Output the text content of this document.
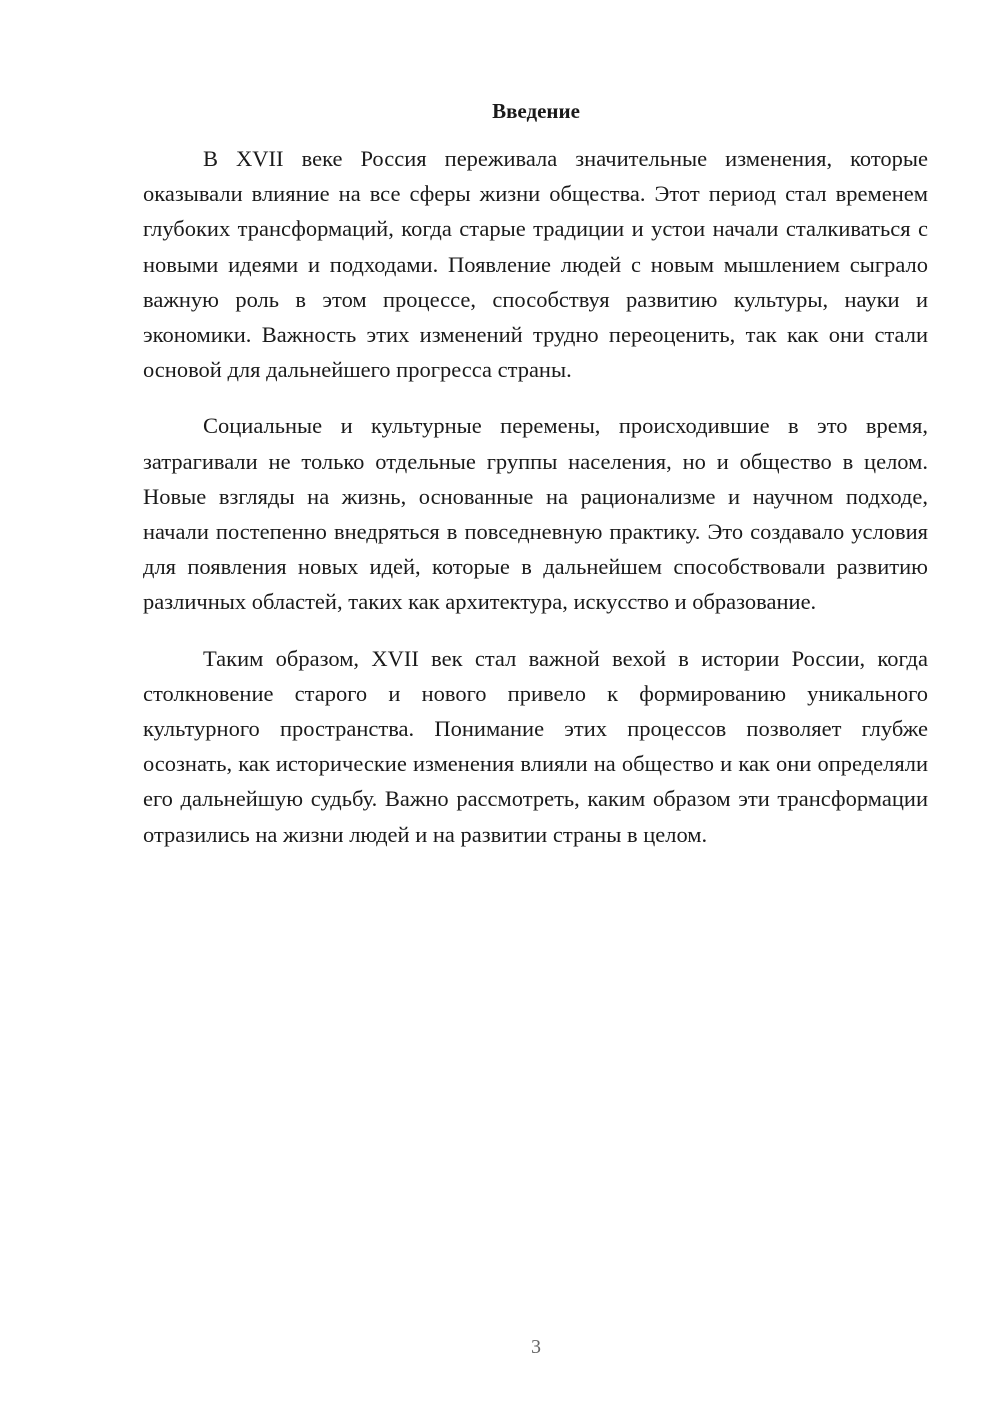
Введение

В XVII веке Россия переживала значительные изменения, которые оказывали влияние на все сферы жизни общества. Этот период стал временем глубоких трансформаций, когда старые традиции и устои начали сталкиваться с новыми идеями и подходами. Появление людей с новым мышлением сыграло важную роль в этом процессе, способствуя развитию культуры, науки и экономики. Важность этих изменений трудно переоценить, так как они стали основой для дальнейшего прогресса страны.

Социальные и культурные перемены, происходившие в это время, затрагивали не только отдельные группы населения, но и общество в целом. Новые взгляды на жизнь, основанные на рационализме и научном подходе, начали постепенно внедряться в повседневную практику. Это создавало условия для появления новых идей, которые в дальнейшем способствовали развитию различных областей, таких как архитектура, искусство и образование.

Таким образом, XVII век стал важной вехой в истории России, когда столкновение старого и нового привело к формированию уникального культурного пространства. Понимание этих процессов позволяет глубже осознать, как исторические изменения влияли на общество и как они определяли его дальнейшую судьбу. Важно рассмотреть, каким образом эти трансформации отразились на жизни людей и на развитии страны в целом.

3
